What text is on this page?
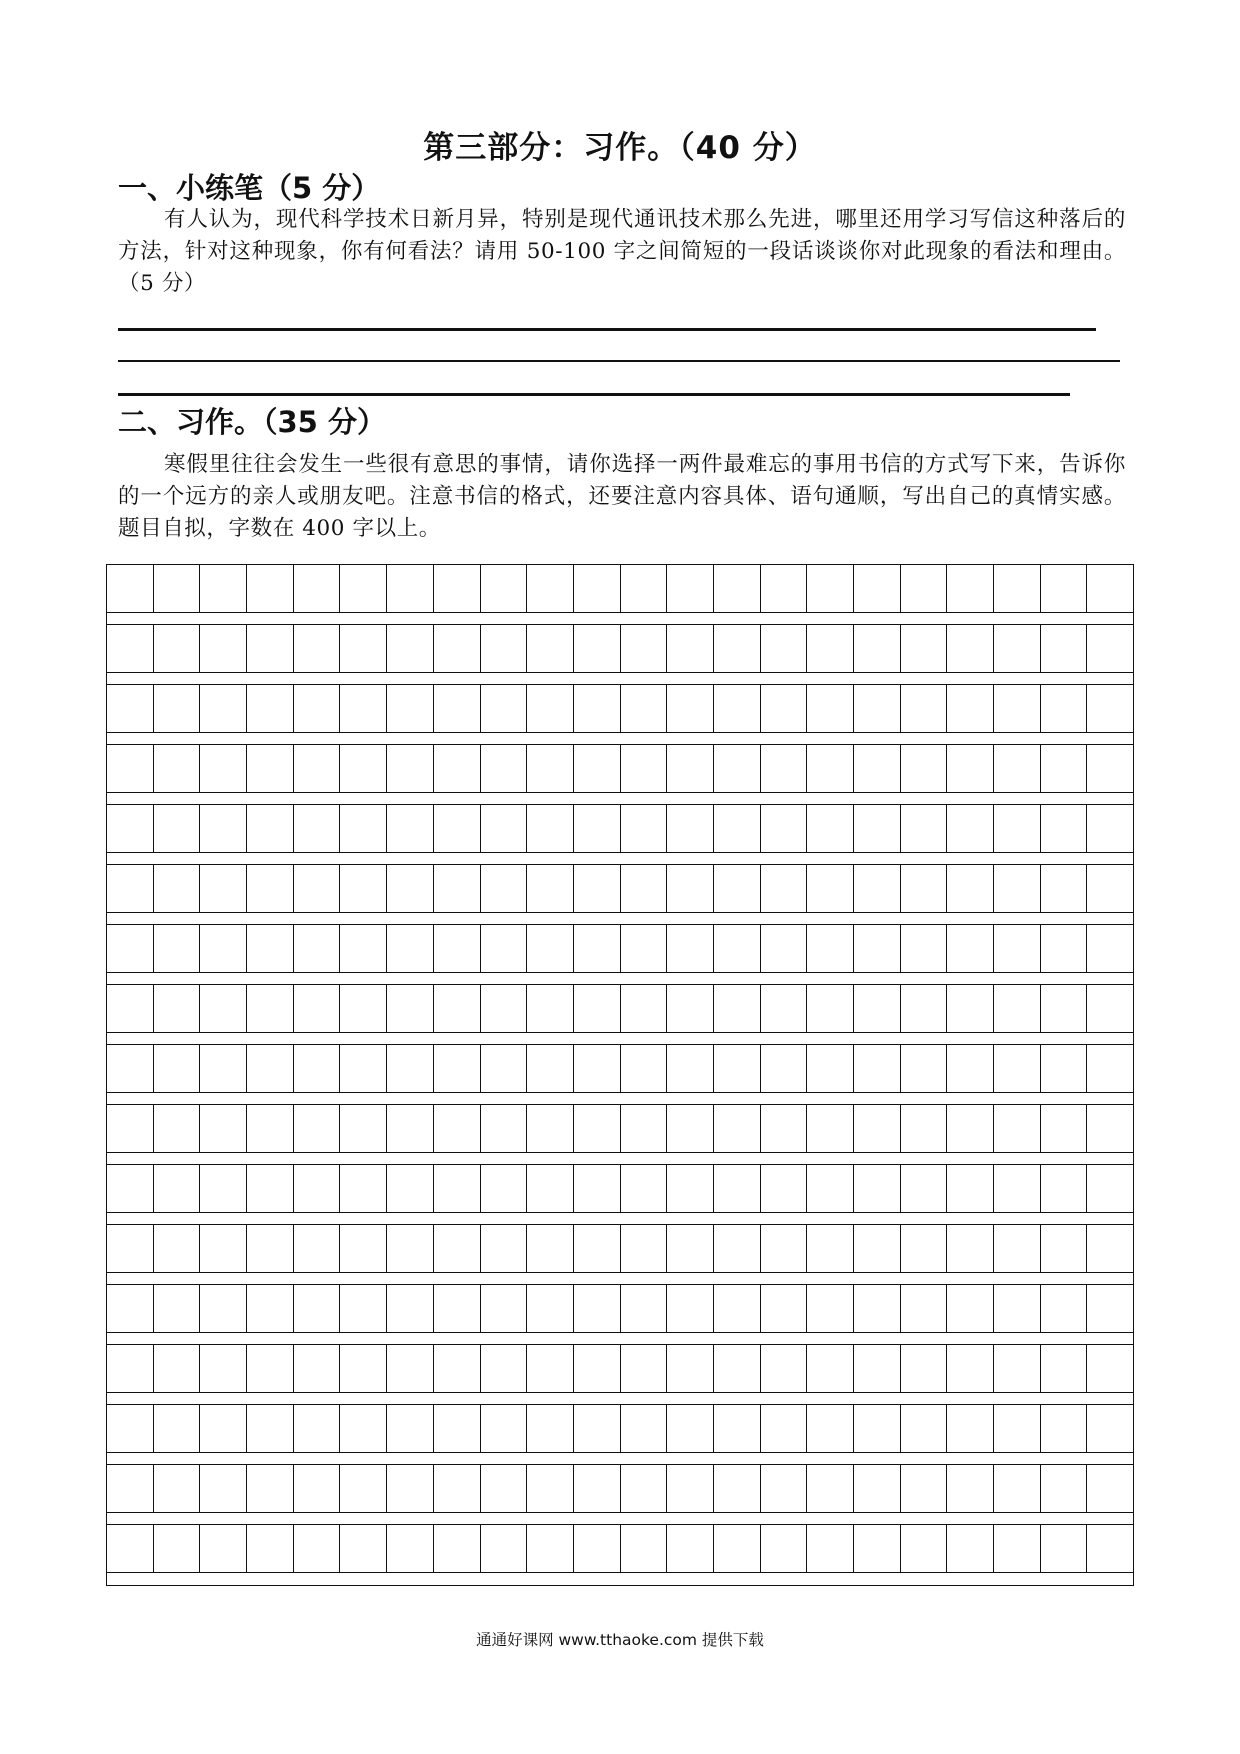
第三部分：习作。（40 分）
一、小练笔（5 分）
有人认为，现代科学技术日新月异，特别是现代通讯技术那么先进，哪里还用学习写信这种落后的方法，针对这种现象，你有何看法？请用 50-100 字之间简短的一段话谈谈你对此现象的看法和理由。（5 分）
二、习作。（35 分）
寒假里往往会发生一些很有意思的事情，请你选择一两件最难忘的事用书信的方式写下来，告诉你的一个远方的亲人或朋友吧。注意书信的格式，还要注意内容具体、语句通顺，写出自己的真情实感。题目自拟，字数在 400 字以上。
通通好课网 www.tthaoke.com 提供下载
